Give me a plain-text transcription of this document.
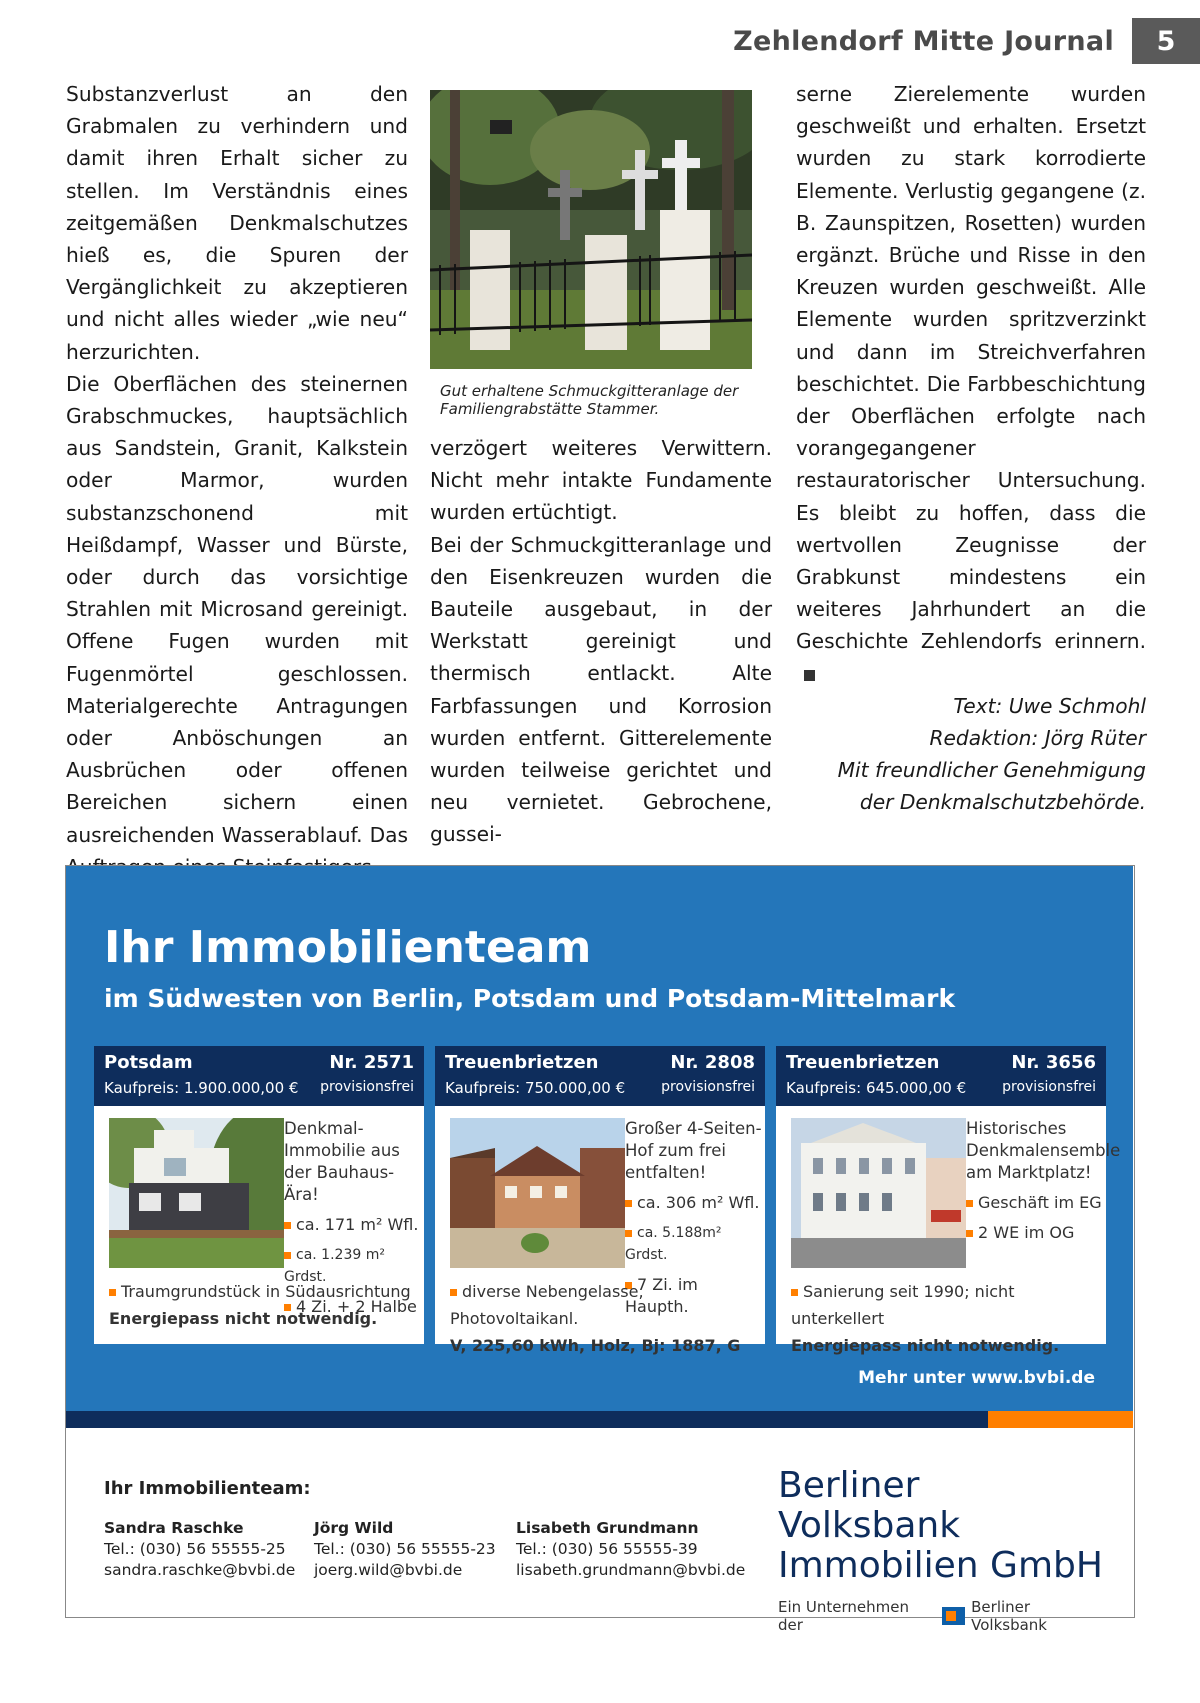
Zehlendorf Mitte Journal	5

Substanzverlust an den Grabmalen zu verhindern und damit ihren Erhalt sicher zu stellen. Im Verständnis eines zeitgemäßen Denkmalschutzes hieß es, die Spuren der Vergänglichkeit zu akzeptieren und nicht alles wieder „wie neu“ herzurichten.

Die Oberflächen des steinernen Grabschmuckes, hauptsächlich aus Sandstein, Granit, Kalkstein oder Marmor, wurden substanzschonend mit Heißdampf, Wasser und Bürste, oder durch das vorsichtige Strahlen mit Microsand gereinigt. Offene Fugen wurden mit Fugenmörtel geschlossen. Materialgerechte Antragungen oder Anböschungen an Ausbrüchen oder offenen Bereichen sichern einen ausreichenden Wasserablauf. Das

verzögert weiteres Verwittern. Nicht mehr intakte Fundamente wurden ertüchtigt.

Bei der Schmuckgitteranlage und den Eisenkreuzen wurden die Bauteile ausgebaut, in der Werkstatt gereinigt und thermisch entlackt. Alte Farbfassungen und Korrosion wurden entfernt. Gitterelemente wurden teilweise gerichtet und neu vernietet. Gebrochene, gussei-

serne Zierelemente wurden geschweißt und erhalten. Ersetzt wurden zu stark korrodierte Elemente. Verlustig gegangene (z. B. Zaunspitzen, Rosetten) wurden ergänzt. Brüche und Risse in den Kreuzen wurden geschweißt. Alle Elemente wurden spritzverzinkt und dann im Streichverfahren beschichtet. Die Farbbeschichtung der Oberflächen erfolgte nach vorangegangener restauratorischer Untersuchung. Es bleibt zu hoffen, dass die wertvollen Zeugnisse der Grabkunst mindestens ein weiteres Jahrhundert an die Geschichte Zehlendorfs erinnern.

Text: Uwe Schmohl
Redaktion: Jörg Rüter
Mit freundlicher Genehmigung
der Denkmalschutzbehörde.
Gut erhaltene Schmuckgitteranlage der Familiengrabstätte Stammer.
Ihr Immobilienteam
im Südwesten von Berlin, Potsdam und Potsdam-Mittelmark
Potsdam	Nr. 2571
Kaufpreis: 1.900.000,00 € provisionsfrei
Denkmal-Immobilie aus der Bauhaus-Ära!
ca. 171 m² Wfl.
ca. 1.239 m² Grdst.
4 Zi. + 2 Halbe
Traumgrundstück in Südausrichtung
Energiepass nicht notwendig.
Treuenbrietzen	Nr. 2808
Kaufpreis: 750.000,00 €	provisionsfrei
Großer 4-Seiten-Hof zum frei entfalten!
ca. 306 m² Wfl.
ca. 5.188m² Grdst.
7 Zi. im Haupth.
diverse Nebengelasse, Photovoltaikanl.
V, 225,60 kWh, Holz, Bj: 1887, G
Treuenbrietzen	Nr. 3656
Kaufpreis: 645.000,00 €	provisionsfrei
Historisches Denkmalensemble am Marktplatz!
Geschäft im EG
2 WE im OG
Sanierung seit 1990; nicht unterkellert
Energiepass nicht notwendig.
Mehr unter www.bvbi.de
Ihr Immobilienteam:
Sandra Raschke
Tel.: (030) 56 55555-25
sandra.raschke@bvbi.de
Jörg Wild
Tel.: (030) 56 55555-23
joerg.wild@bvbi.de
Lisabeth Grundmann
Tel.: (030) 56 55555-39
lisabeth.grundmann@bvbi.de
Berliner Volksbank
Immobilien GmbH
Ein Unternehmen der
Berliner Volksbank
